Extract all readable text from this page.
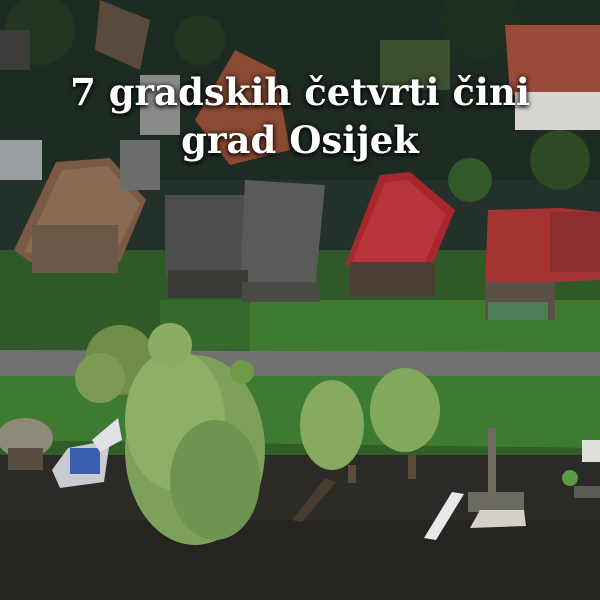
7 gradskih četvrti čini
grad Osijek
